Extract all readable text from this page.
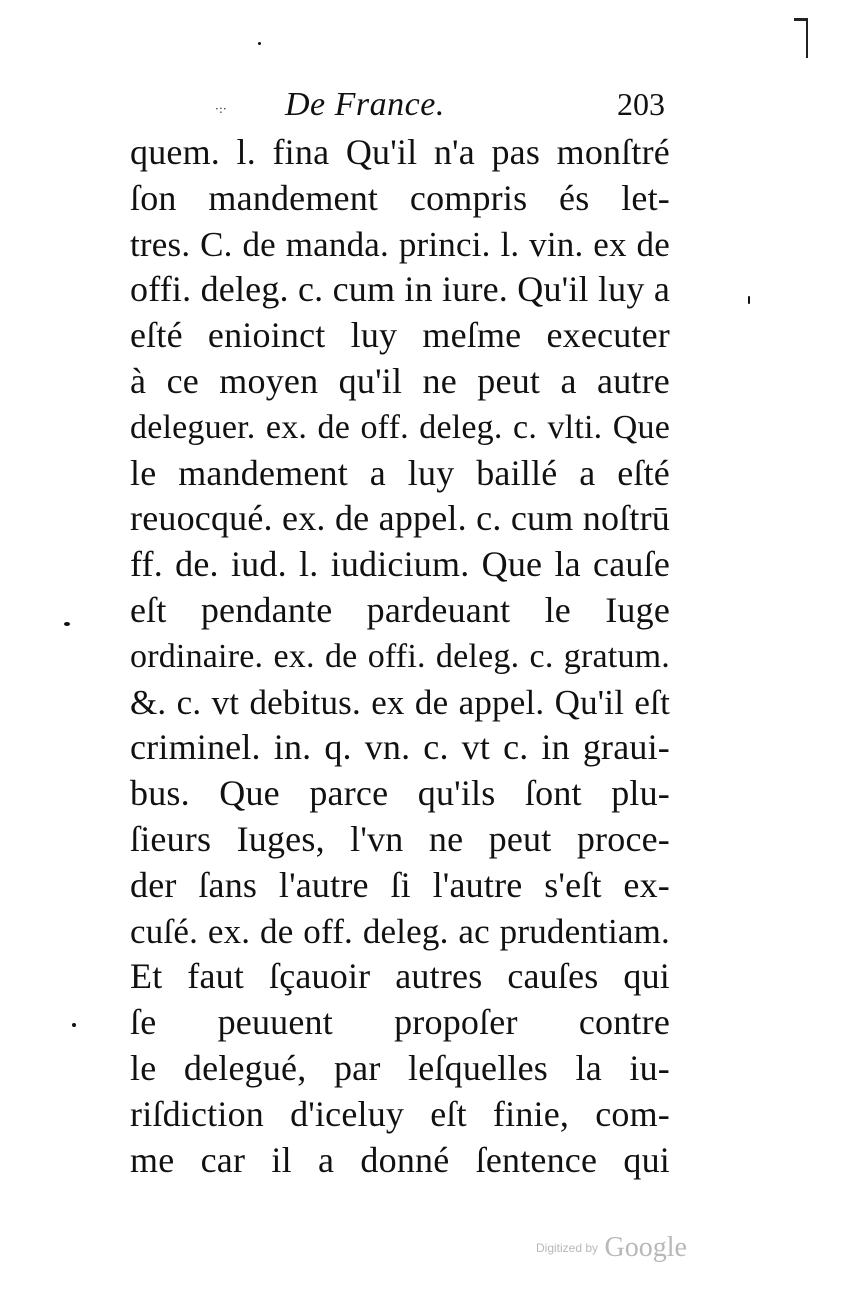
·:· De France.	203
quem. l. fina Qu'il n'a pas monſtré
ſon mandement compris és let-
tres. C. de manda. princi. l. vin. ex de
offi. deleg. c. cum in iure. Qu'il luy a
eſté enioinct luy meſme executer
à ce moyen qu'il ne peut a autre
deleguer. ex. de off. deleg. c. vlti. Que
le mandement a luy baillé a eſté
reuocqué. ex. de appel. c. cum noſtrū
ff. de. iud. l. iudicium. Que la cauſe
eſt pendante pardeuant le Iuge
ordinaire. ex. de offi. deleg. c. gratum.
&. c. vt debitus. ex de appel. Qu'il eſt
criminel. in. q. vn. c. vt c. in graui-
bus. Que parce qu'ils ſont plu-
ſieurs Iuges, l'vn ne peut proce-
der ſans l'autre ſi l'autre s'eſt ex-
cuſé. ex. de off. deleg. ac prudentiam.
Et faut ſçauoir autres cauſes qui
ſe peuuent propoſer contre
le delegué, par leſquelles la iu-
riſdiction d'iceluy eſt finie, com-
me car il a donné ſentence qui
Digitized by Google
